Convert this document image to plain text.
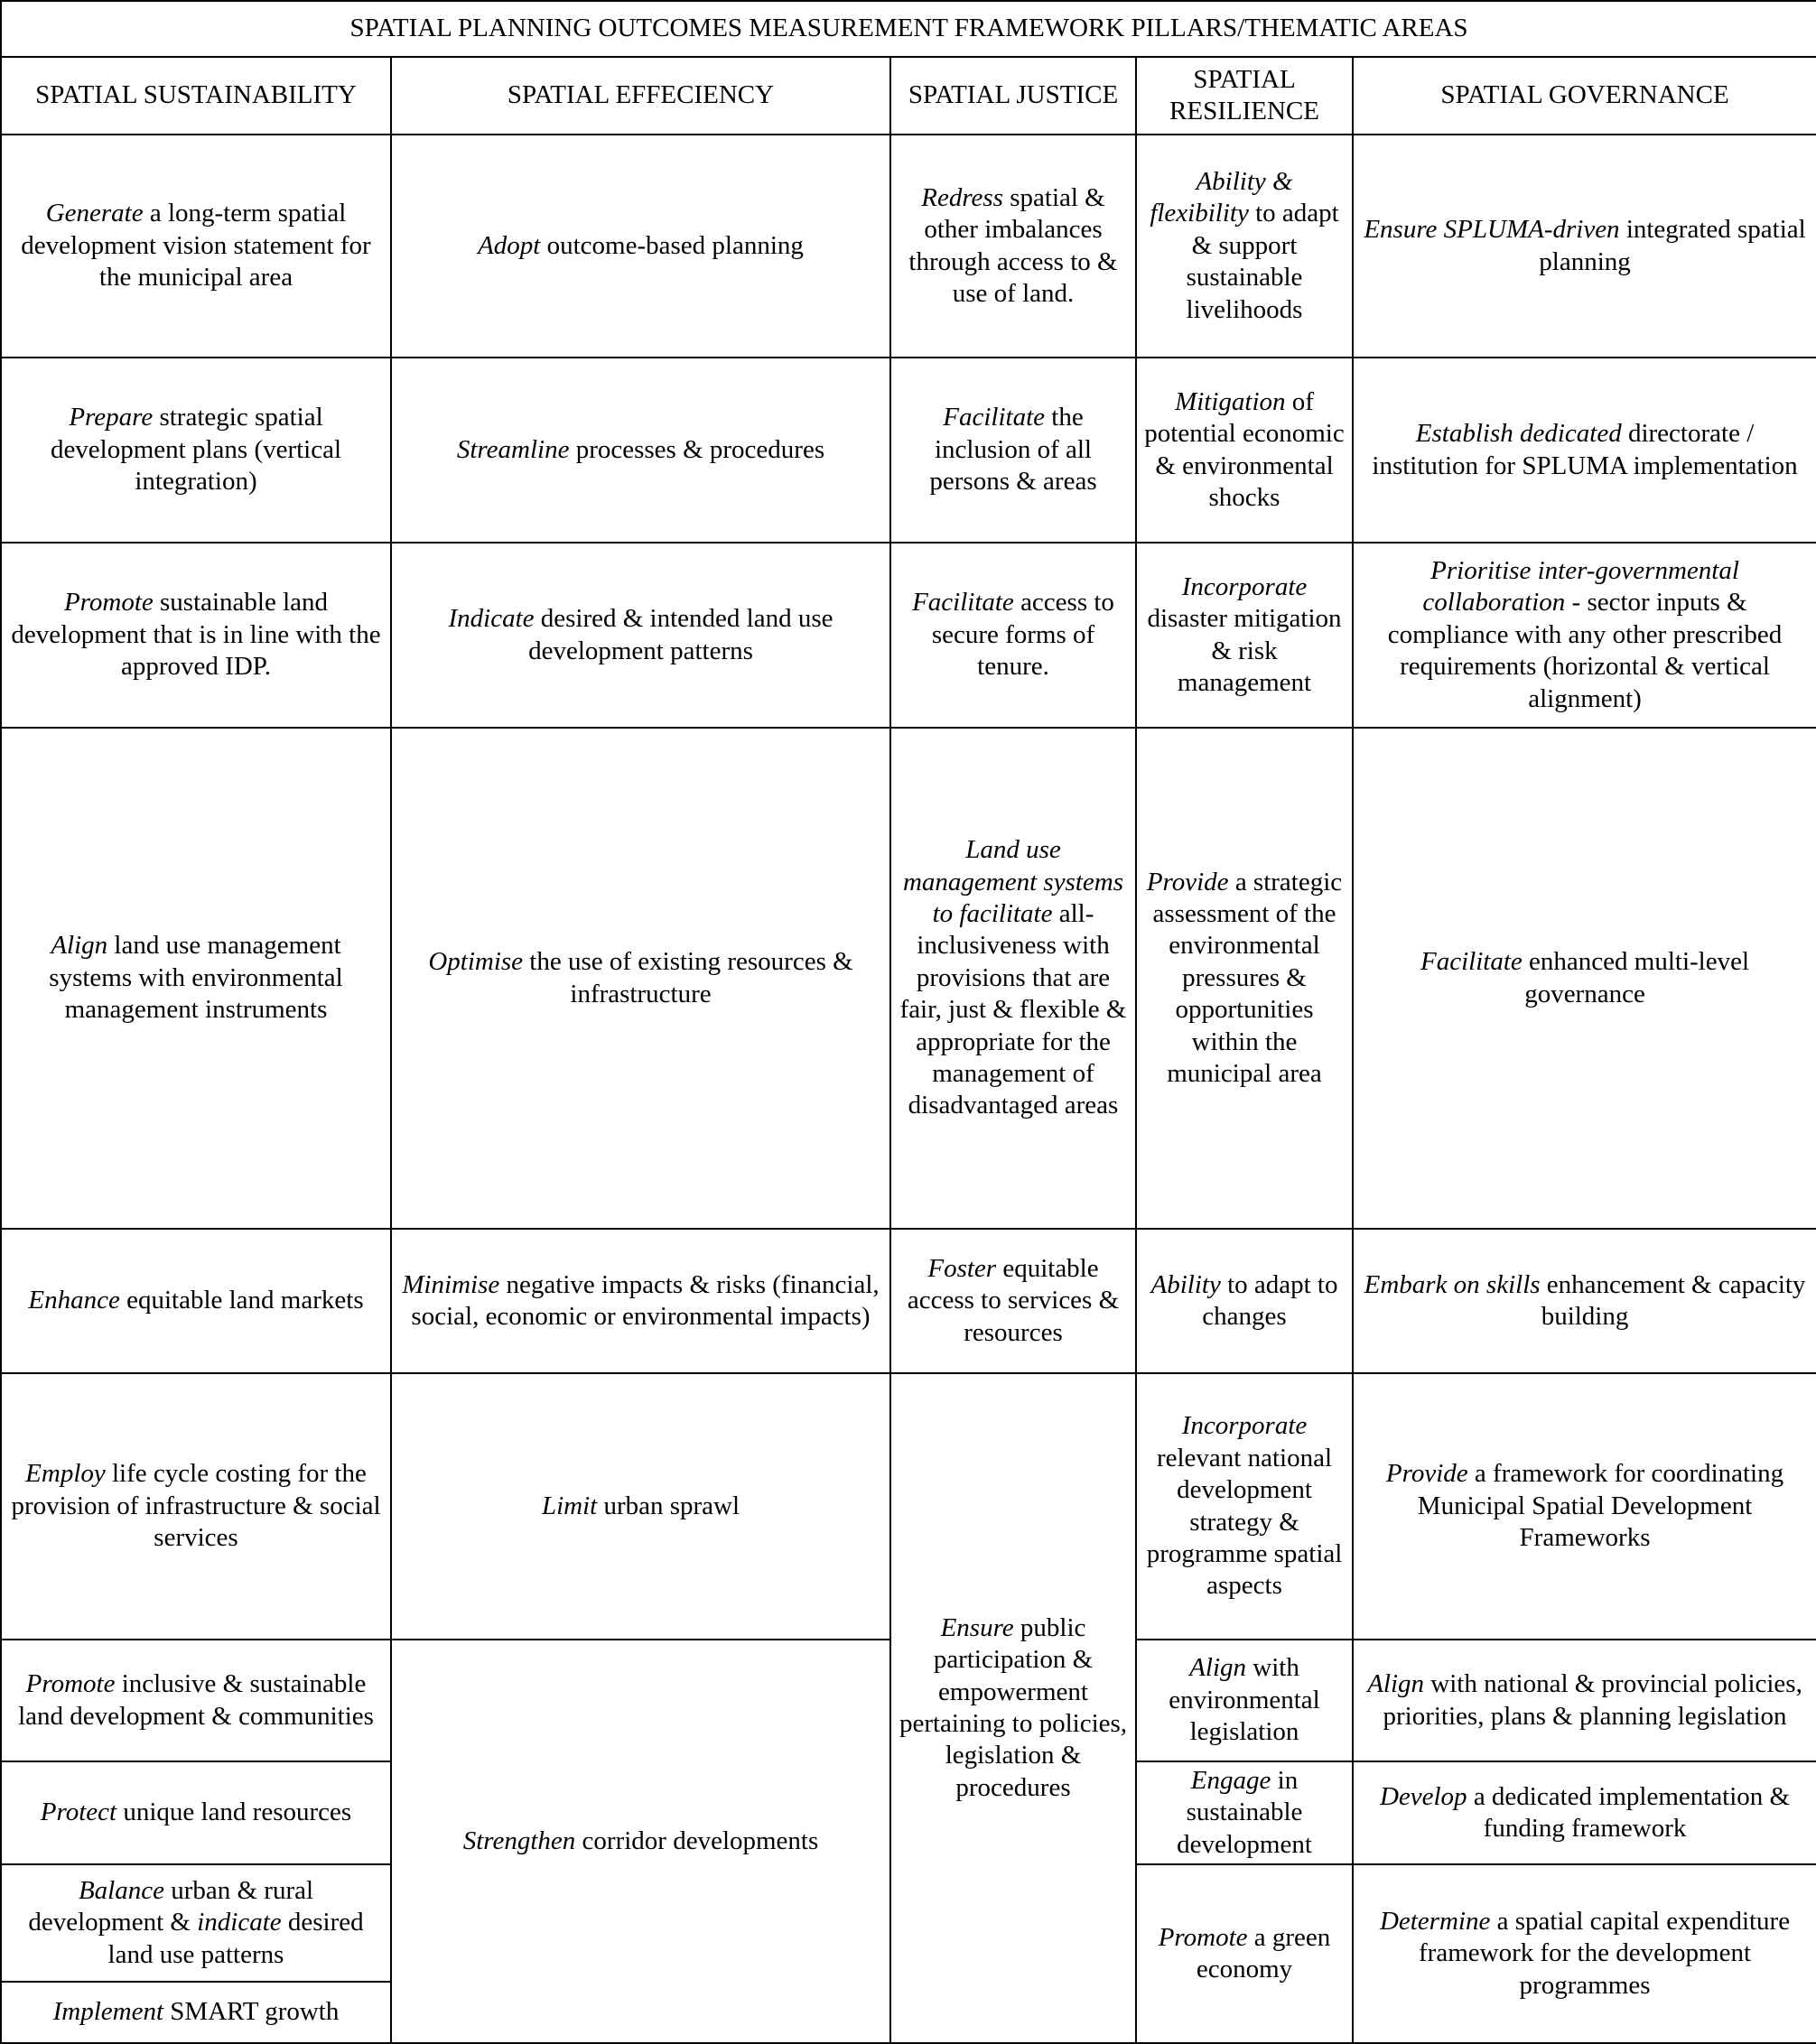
SPATIAL PLANNING OUTCOMES MEASUREMENT FRAMEWORK PILLARS/THEMATIC AREAS				
SPATIAL SUSTAINABILITY	SPATIAL EFFECIENCY	SPATIAL JUSTICE	SPATIAL RESILIENCE	SPATIAL GOVERNANCE
Generate a long-term spatial development vision statement for the municipal area	Adopt outcome-based planning	Redress spatial & other imbalances through access to & use of land.	Ability & flexibility to adapt & support sustainable livelihoods	Ensure SPLUMA-driven integrated spatial planning
Prepare strategic spatial development plans (vertical integration)	Streamline processes & procedures	Facilitate the inclusion of all persons & areas	Mitigation of potential economic & environmental shocks	Establish dedicated directorate / institution for SPLUMA implementation
Promote sustainable land development that is in line with the approved IDP.	Indicate desired & intended land use development patterns	Facilitate access to secure forms of tenure.	Incorporate disaster mitigation & risk management	Prioritise inter-governmental collaboration - sector inputs & compliance with any other prescribed requirements (horizontal & vertical alignment)
Align land use management systems with environmental management instruments	Optimise the use of existing resources & infrastructure	Land use management systems to facilitate all-inclusiveness with provisions that are fair, just & flexible & appropriate for the management of disadvantaged areas	Provide a strategic assessment of the environmental pressures & opportunities within the municipal area	Facilitate enhanced multi-level governance
Enhance equitable land markets	Minimise negative impacts & risks (financial, social, economic or environmental impacts)	Foster equitable access to services & resources	Ability to adapt to changes	Embark on skills enhancement & capacity building
Employ life cycle costing for the provision of infrastructure & social services	Limit urban sprawl	Ensure public participation & empowerment pertaining to policies, legislation & procedures	Incorporate relevant national development strategy & programme spatial aspects	Provide a framework for coordinating Municipal Spatial Development Frameworks
Promote inclusive & sustainable land development & communities	Strengthen corridor developments		Align with environmental legislation	Align with national & provincial policies, priorities, plans & planning legislation
Protect unique land resources			Engage in sustainable development	Develop a dedicated implementation & funding framework
Balance urban & rural development & indicate desired land use patterns			Promote a green economy	Determine a spatial capital expenditure framework for the development programmes
Implement SMART growth				
